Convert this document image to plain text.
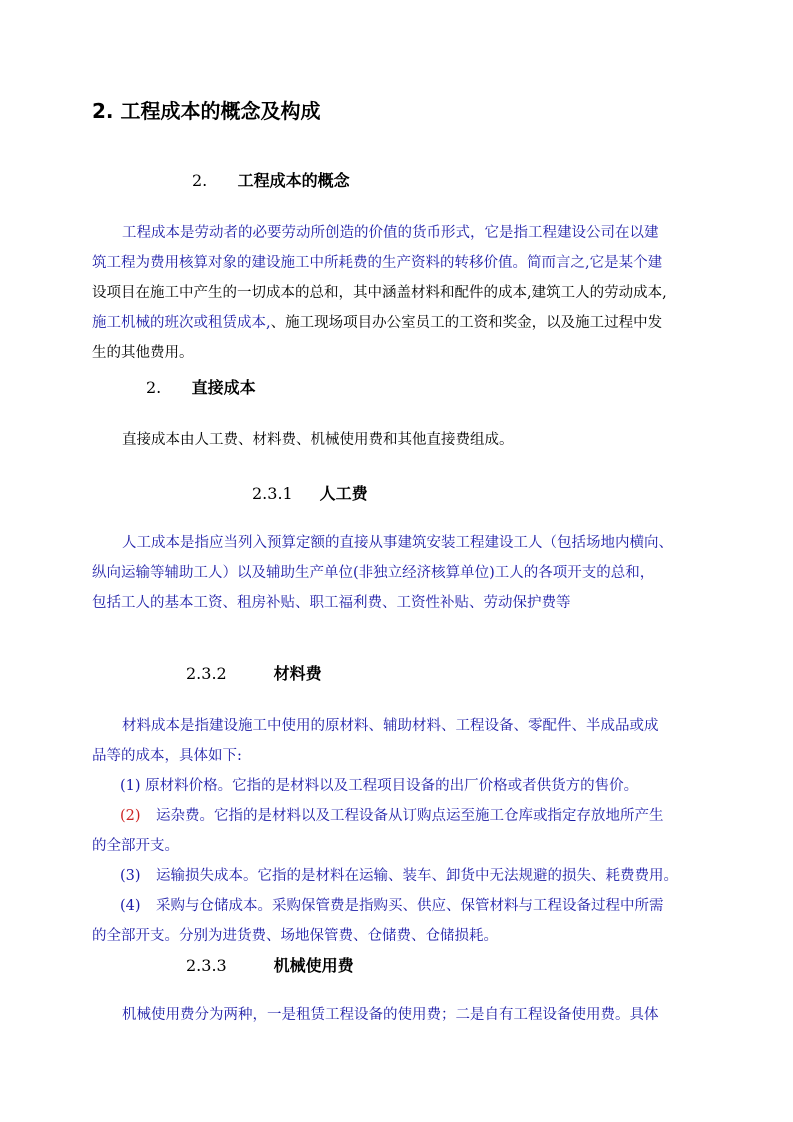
2. 工程成本的概念及构成
2. 工程成本的概念
工程成本是劳动者的必要劳动所创造的价值的货币形式，它是指工程建设公司在以建
筑工程为费用核算对象的建设施工中所耗费的生产资料的转移价值。简而言之,它是某个建
设项目在施工中产生的一切成本的总和，其中涵盖材料和配件的成本,建筑工人的劳动成本,
施工机械的班次或租赁成本,、施工现场项目办公室员工的工资和奖金，以及施工过程中发
生的其他费用。
2. 直接成本
直接成本由人工费、材料费、机械使用费和其他直接费组成。
2.3.1 人工费
人工成本是指应当列入预算定额的直接从事建筑安装工程建设工人（包括场地内横向、
纵向运输等辅助工人）以及辅助生产单位(非独立经济核算单位)工人的各项开支的总和，
包括工人的基本工资、租房补贴、职工福利费、工资性补贴、劳动保护费等
2.3.2	材料费
材料成本是指建设施工中使用的原材料、辅助材料、工程设备、零配件、半成品或成
品等的成本，具体如下:
(1) 原材料价格。它指的是材料以及工程项目设备的出厂价格或者供货方的售价。
(2) 运杂费。它指的是材料以及工程设备从订购点运至施工仓库或指定存放地所产生
的全部开支。
(3) 运输损失成本。它指的是材料在运输、装车、卸货中无法规避的损失、耗费费用。
(4) 采购与仓储成本。采购保管费是指购买、供应、保管材料与工程设备过程中所需
的全部开支。分别为进货费、场地保管费、仓储费、仓储损耗。
2.3.3	机械使用费
机械使用费分为两种，一是租赁工程设备的使用费；二是自有工程设备使用费。具体
